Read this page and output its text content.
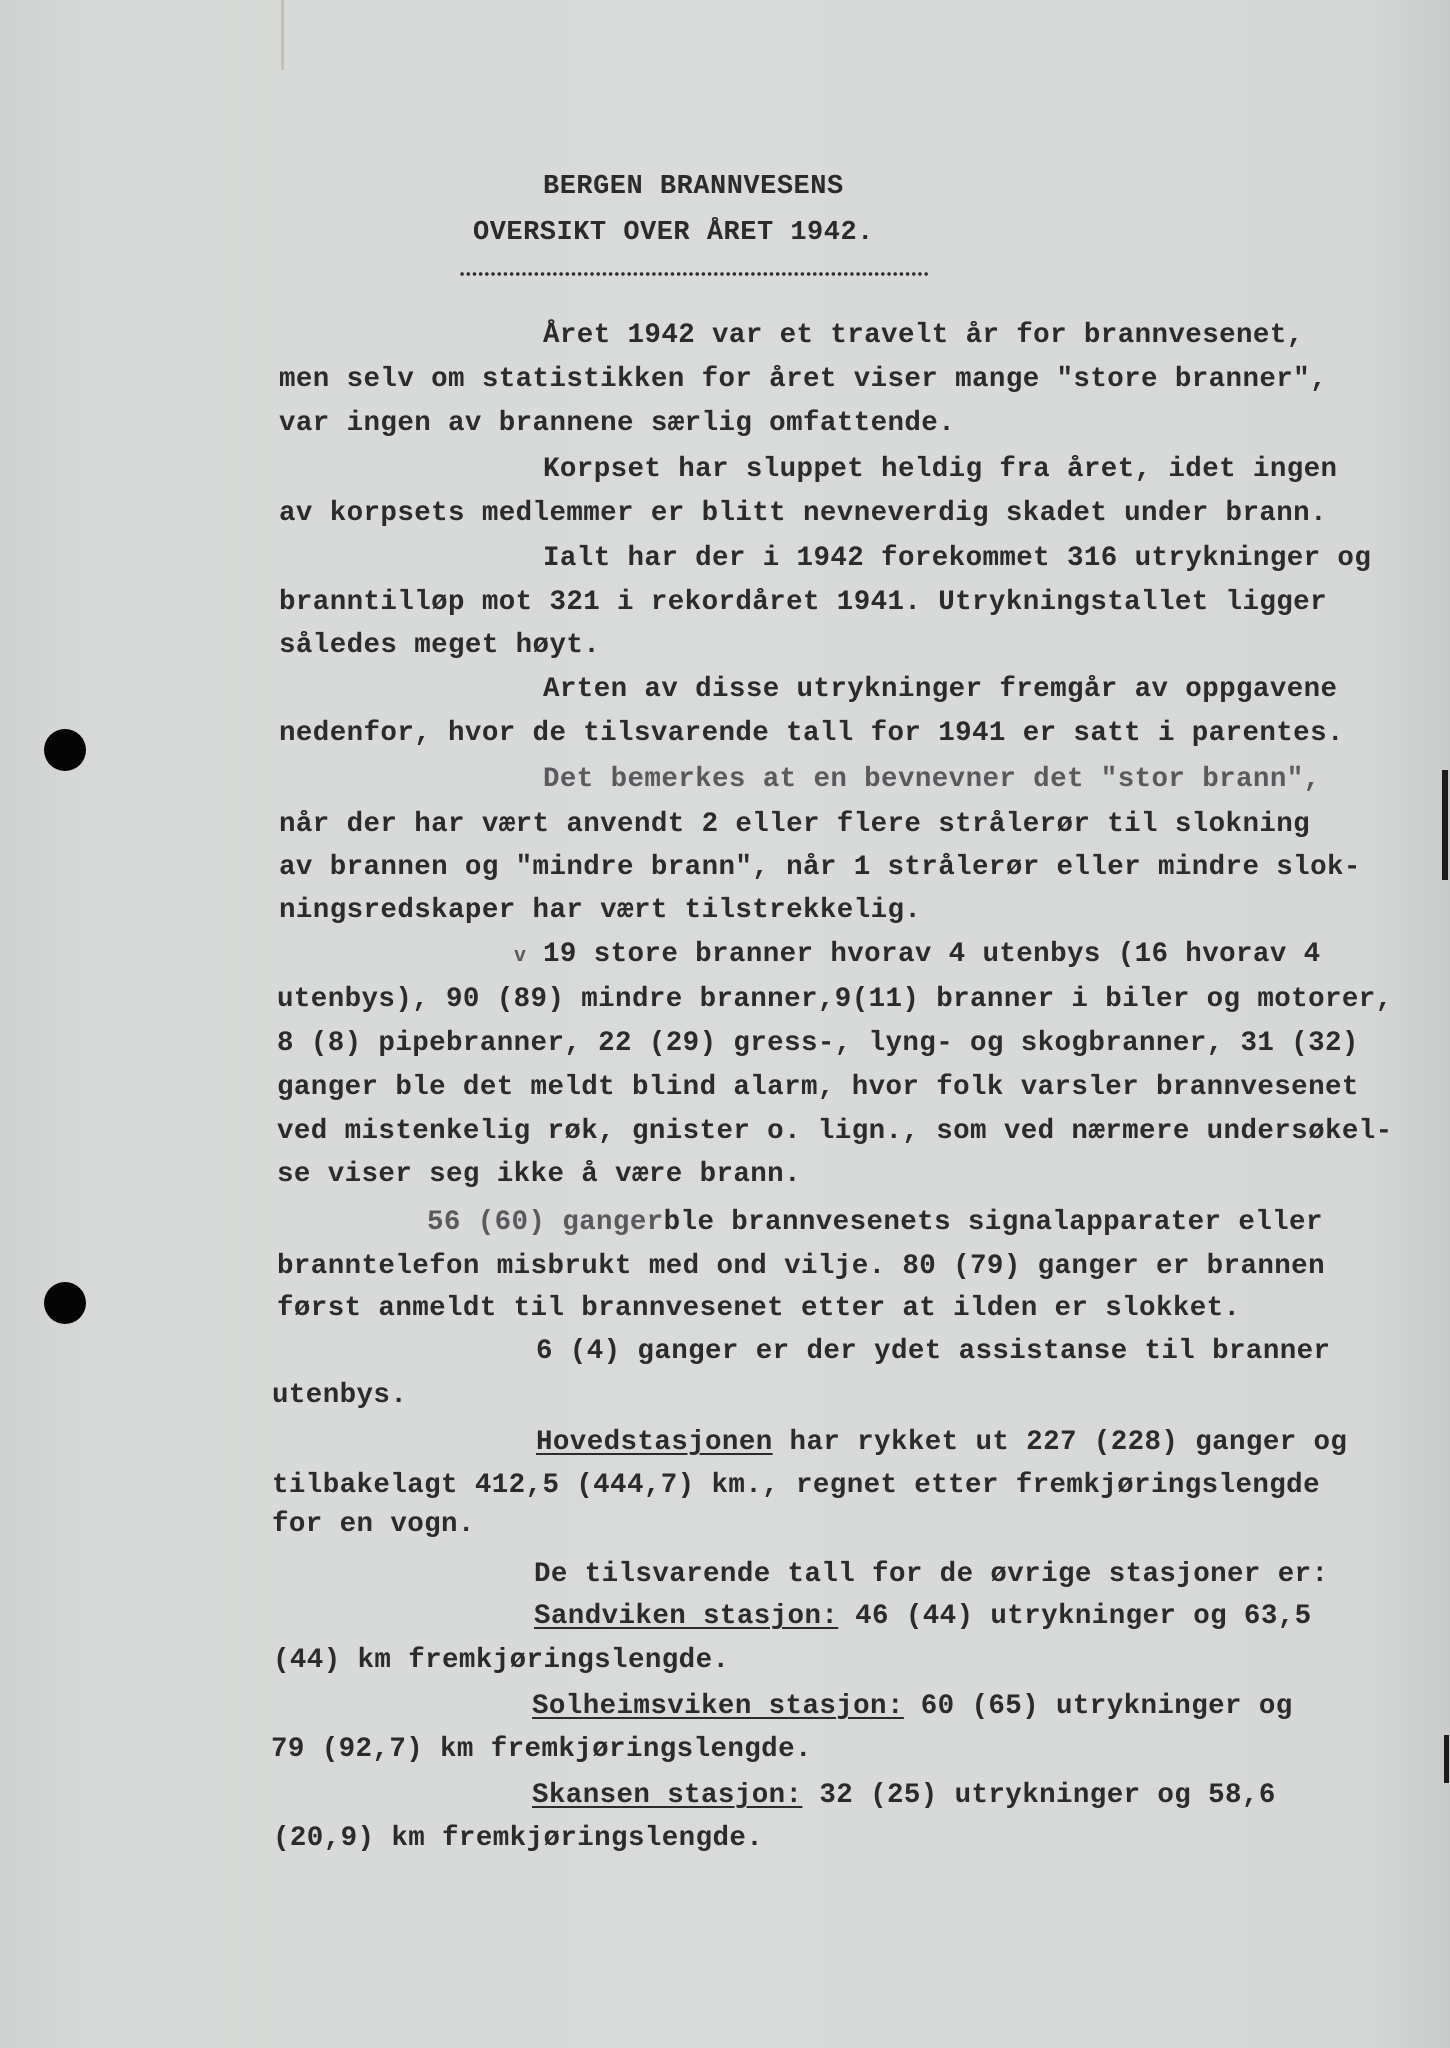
BERGEN BRANNVESENS
OVERSIKT OVER ÅRET 1942.
Året 1942 var et travelt år for brannvesenet,
men selv om statistikken for året viser mange "store branner",
var ingen av brannene særlig omfattende.
Korpset har sluppet heldig fra året, idet ingen
av korpsets medlemmer er blitt nevneverdig skadet under brann.
Ialt har der i 1942 forekommet 316 utrykninger og
branntilløp mot 321 i rekordåret 1941. Utrykningstallet ligger
således meget høyt.
Arten av disse utrykninger fremgår av oppgavene
nedenfor, hvor de tilsvarende tall for 1941 er satt i parentes.
Det bemerkes at en bevnevner det "stor brann",
når der har vært anvendt 2 eller flere strålerør til slokning
av brannen og "mindre brann", når 1 strålerør eller mindre slok-
ningsredskaper har vært tilstrekkelig.
v 19 store branner hvorav 4 utenbys (16 hvorav 4
utenbys), 90 (89) mindre branner,9(11) branner i biler og motorer,
8 (8) pipebranner, 22 (29) gress-, lyng- og skogbranner, 31 (32)
ganger ble det meldt blind alarm, hvor folk varsler brannvesenet
ved mistenkelig røk, gnister o. lign., som ved nærmere undersøkel-
se viser seg ikke å være brann.
56 (60) gangerble brannvesenets signalapparater eller
branntelefon misbrukt med ond vilje. 80 (79) ganger er brannen
først anmeldt til brannvesenet etter at ilden er slokket.
6 (4) ganger er der ydet assistanse til branner
utenbys.
Hovedstasjonen har rykket ut 227 (228) ganger og
tilbakelagt 412,5 (444,7) km., regnet etter fremkjøringslengde
for en vogn.
De tilsvarende tall for de øvrige stasjoner er:
Sandviken stasjon: 46 (44) utrykninger og 63,5
(44) km fremkjøringslengde.
Solheimsviken stasjon: 60 (65) utrykninger og
79 (92,7) km fremkjøringslengde.
Skansen stasjon: 32 (25) utrykninger og 58,6
(20,9) km fremkjøringslengde.
